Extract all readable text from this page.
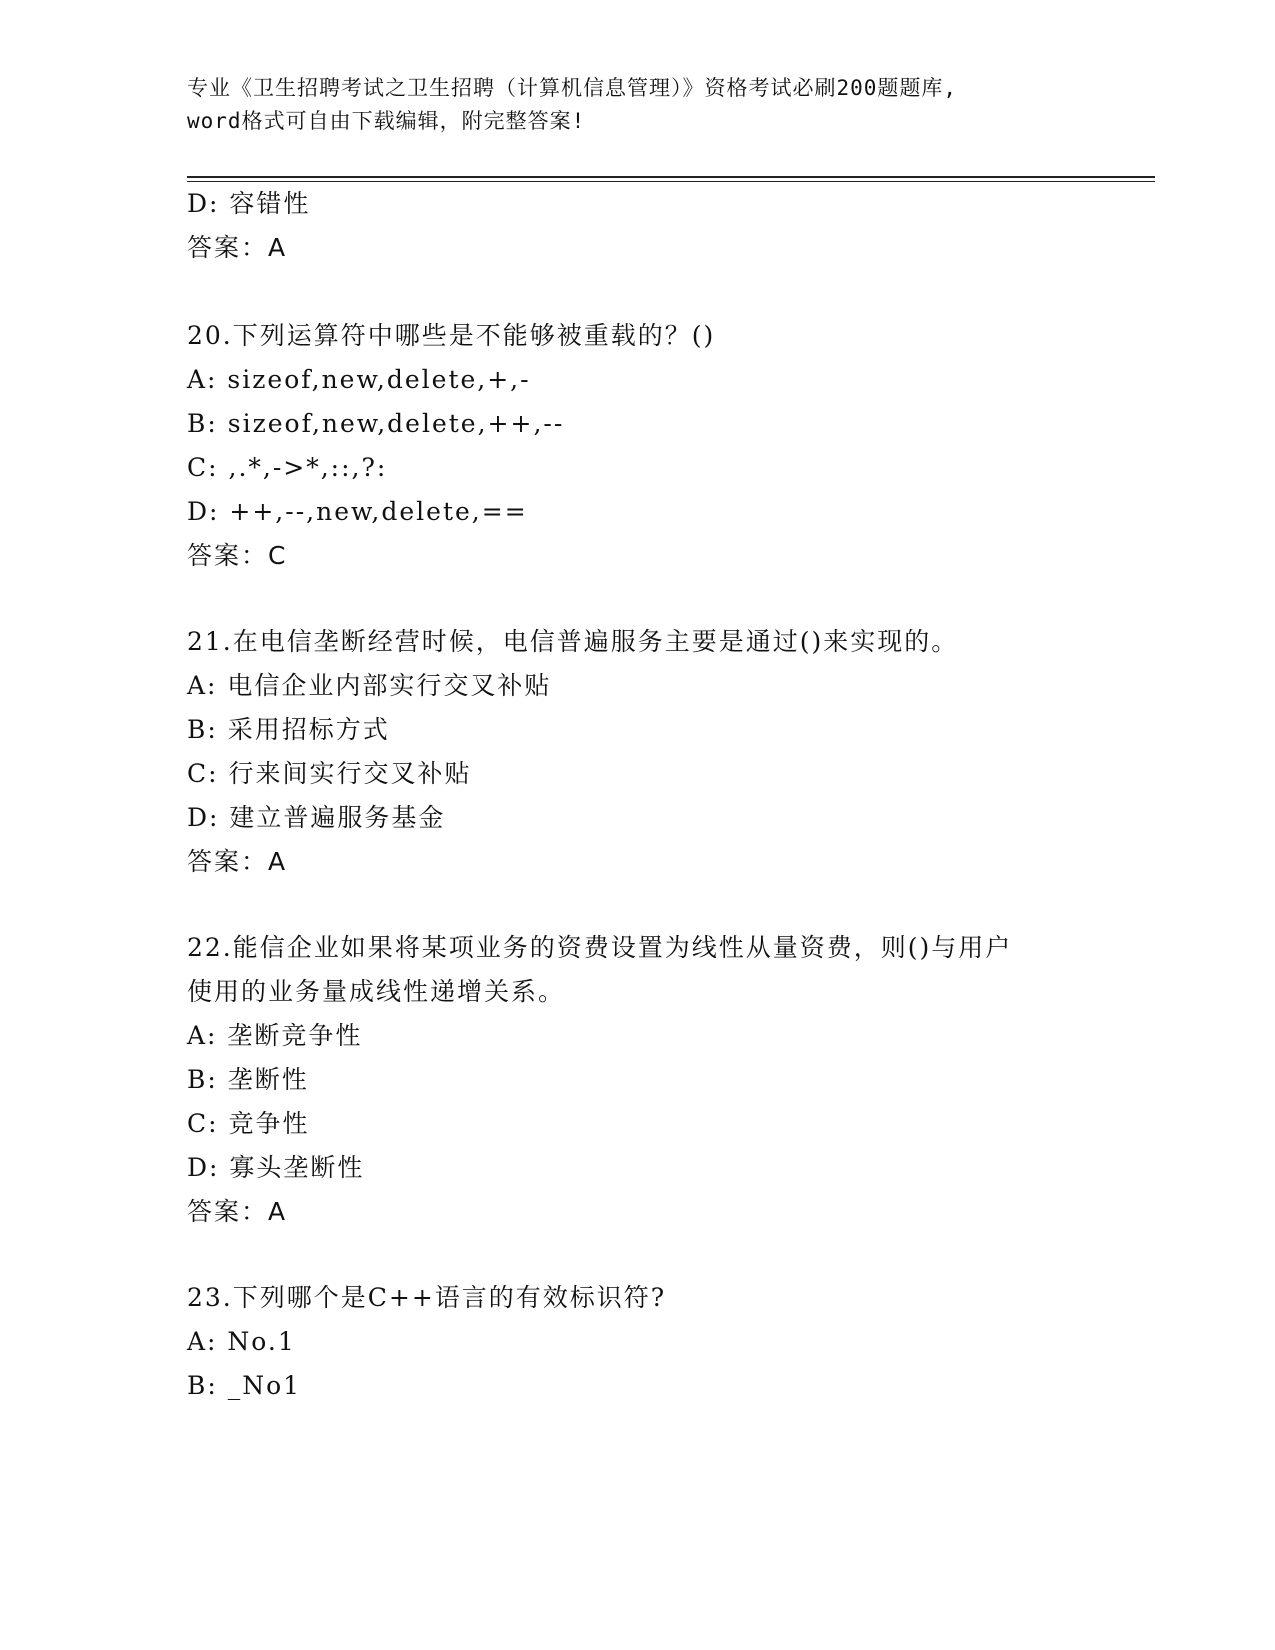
专业《卫生招聘考试之卫生招聘（计算机信息管理）》资格考试必刷200题题库,
word格式可自由下载编辑，附完整答案!
D: 容错性
答案：A
20.下列运算符中哪些是不能够被重载的？()
A: sizeof,new,delete,+,-
B: sizeof,new,delete,++,--
C: ,.*,->*,::,?:
D: ++,--,new,delete,==
答案：C
21.在电信垄断经营时候，电信普遍服务主要是通过()来实现的。
A: 电信企业内部实行交叉补贴
B: 采用招标方式
C: 行来间实行交叉补贴
D: 建立普遍服务基金
答案：A
22.能信企业如果将某项业务的资费设置为线性从量资费，则()与用户
使用的业务量成线性递增关系。
A: 垄断竞争性
B: 垄断性
C: 竞争性
D: 寡头垄断性
答案：A
23.下列哪个是C++语言的有效标识符?
A: No.1
B: _No1
